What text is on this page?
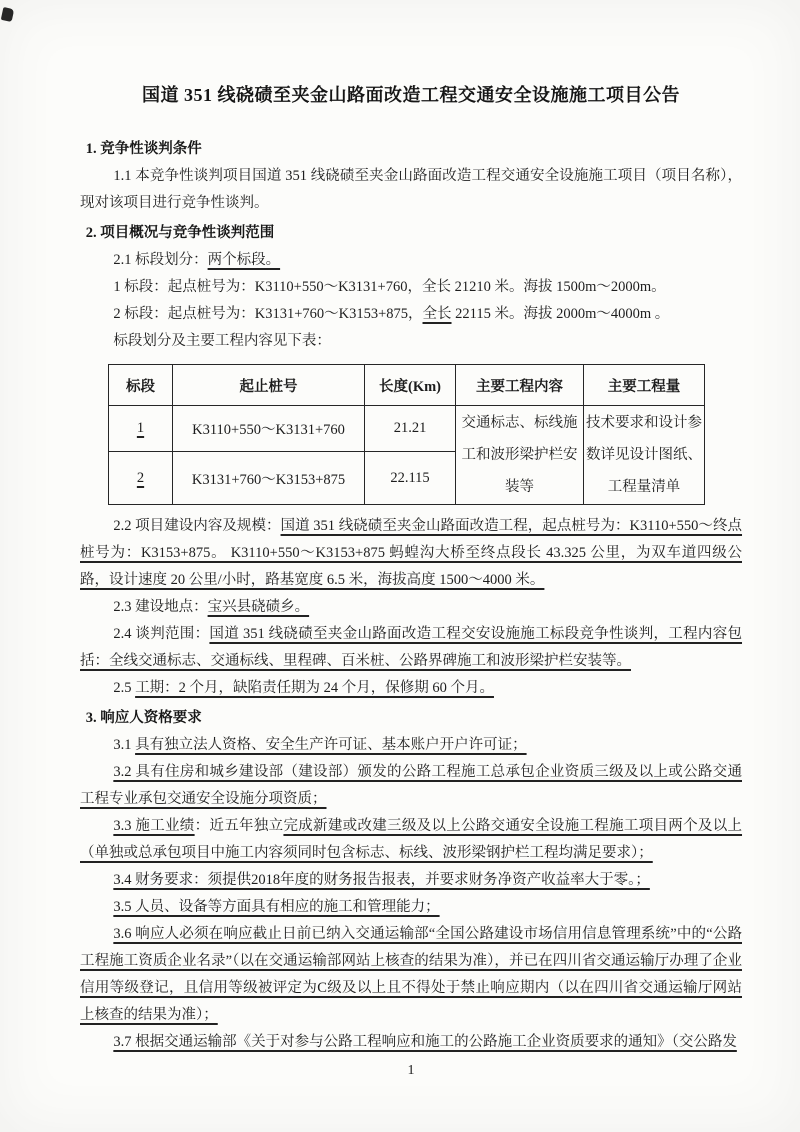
国道 351 线硗碛至夹金山路面改造工程交通安全设施施工项目公告
1. 竞争性谈判条件
1.1 本竞争性谈判项目国道 351 线硗碛至夹金山路面改造工程交通安全设施施工项目（项目名称），现对该项目进行竞争性谈判。
2. 项目概况与竞争性谈判范围
2.1 标段划分：两个标段。
1 标段：起点桩号为：K3110+550～K3131+760，全长 21210 米。海拔 1500m～2000m。
2 标段：起点桩号为：K3131+760～K3153+875，全长 22115 米。海拔 2000m～4000m 。
标段划分及主要工程内容见下表：
标段	起止桩号	长度(Km)	主要工程内容	主要工程量
1	K3110+550～K3131+760	21.21	交通标志、标线施工和波形梁护栏安装等	技术要求和设计参数详见设计图纸、工程量清单
2	K3131+760～K3153+875	22.115		
2.2 项目建设内容及规模：国道 351 线硗碛至夹金山路面改造工程，起点桩号为：K3110+550～终点桩号为：K3153+875。 K3110+550～K3153+875 蚂蝗沟大桥至终点段长 43.325 公里，为双车道四级公路，设计速度 20 公里/小时，路基宽度 6.5 米，海拔高度 1500～4000 米。
2.3 建设地点：宝兴县硗碛乡。
2.4 谈判范围：国道 351 线硗碛至夹金山路面改造工程交安设施施工标段竞争性谈判，工程内容包括：全线交通标志、交通标线、里程碑、百米桩、公路界碑施工和波形梁护栏安装等。
2.5 工期：2 个月，缺陷责任期为 24 个月，保修期 60 个月。
3. 响应人资格要求
3.1 具有独立法人资格、安全生产许可证、基本账户开户许可证；
3.2 具有住房和城乡建设部（建设部）颁发的公路工程施工总承包企业资质三级及以上或公路交通工程专业承包交通安全设施分项资质；
3.3 施工业绩：近五年独立完成新建或改建三级及以上公路交通安全设施工程施工项目两个及以上（单独或总承包项目中施工内容须同时包含标志、标线、波形梁钢护栏工程均满足要求）；
3.4 财务要求：须提供2018年度的财务报告报表，并要求财务净资产收益率大于零。；
3.5 人员、设备等方面具有相应的施工和管理能力；
3.6 响应人必须在响应截止日前已纳入交通运输部“全国公路建设市场信用信息管理系统”中的“公路工程施工资质企业名录”（以在交通运输部网站上核查的结果为准），并已在四川省交通运输厅办理了企业信用等级登记，且信用等级被评定为C级及以上且不得处于禁止响应期内（以在四川省交通运输厅网站上核查的结果为准）；
3.7 根据交通运输部《关于对参与公路工程响应和施工的公路施工企业资质要求的通知》（交公路发
1
